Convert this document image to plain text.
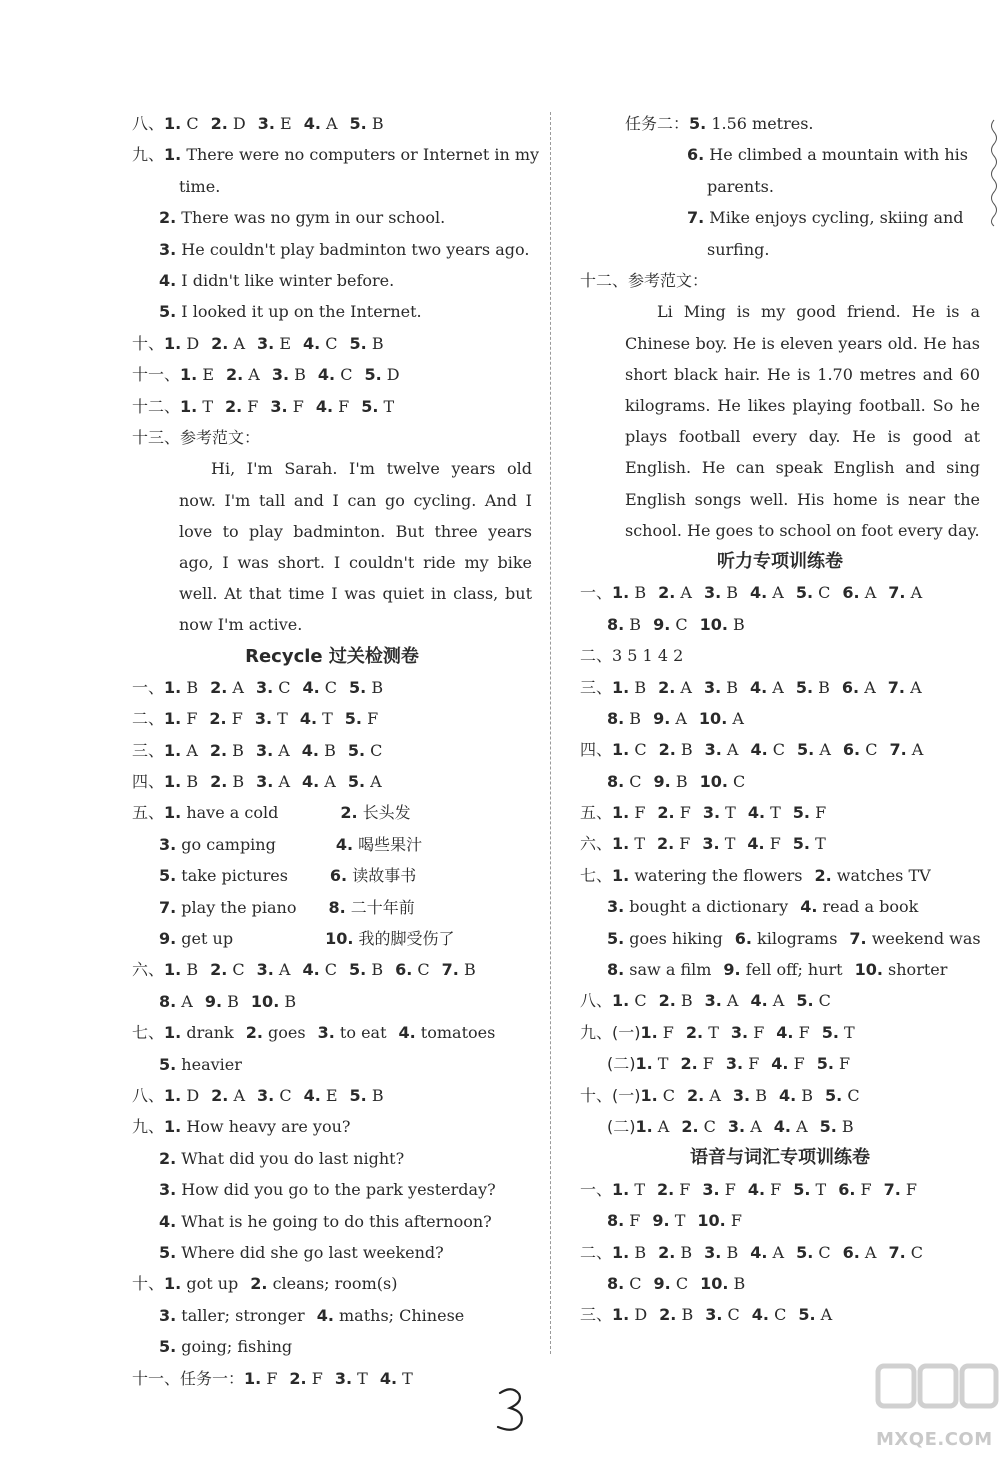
八、1. C 2. D 3. E 4. A 5. B
九、1. There were no computers or Internet in my
time.
2. There was no gym in our school.
3. He couldn't play badminton two years ago.
4. I didn't like winter before.
5. I looked it up on the Internet.
十、1. D 2. A 3. E 4. C 5. B
十一、1. E 2. A 3. B 4. C 5. D
十二、1. T 2. F 3. F 4. F 5. T
十三、参考范文：

Hi, I'm Sarah. I'm twelve years old now. I'm tall and I can go cycling. And I love to play badminton. But three years ago, I was short. I couldn't ride my bike well. At that time I was quiet in class, but now I'm active.

Recycle 过关检测卷
一、1. B 2. A 3. C 4. C 5. B
二、1. F 2. F 3. T 4. T 5. F
三、1. A 2. B 3. A 4. B 5. C
四、1. B 2. B 3. A 4. A 5. A
五、1. have a cold	2. 长头发
3. go camping	4. 喝些果汁
5. take pictures	6. 读故事书
7. play the piano 8. 二十年前
9. get up	10. 我的脚受伤了
六、1. B 2. C 3. A 4. C 5. B 6. C 7. B
8. A 9. B 10. B
七、1. drank 2. goes 3. to eat 4. tomatoes
5. heavier
八、1. D 2. A 3. C 4. E 5. B
九、1. How heavy are you?
2. What did you do last night?
3. How did you go to the park yesterday?
4. What is he going to do this afternoon?
5. Where did she go last weekend?
十、1. got up 2. cleans; room(s)
3. taller; stronger 4. maths; Chinese
5. going; fishing
十一、任务一：1. F 2. F 3. T 4. T
任务二：5. 1.56 metres.
6. He climbed a mountain with his
parents.
7. Mike enjoys cycling, skiing and
surfing.
十二、参考范文：

Li Ming is my good friend. He is a Chinese boy. He is eleven years old. He has short black hair. He is 1.70 metres and 60 kilograms. He likes playing football. So he plays football every day. He is good at English. He can speak English and sing English songs well. His home is near the school. He goes to school on foot every day.

听力专项训练卷
一、1. B 2. A 3. B 4. A 5. C 6. A 7. A
8. B 9. C 10. B
二、3 5 1 4 2
三、1. B 2. A 3. B 4. A 5. B 6. A 7. A
8. B 9. A 10. A
四、1. C 2. B 3. A 4. C 5. A 6. C 7. A
8. C 9. B 10. C
五、1. F 2. F 3. T 4. T 5. F
六、1. T 2. F 3. T 4. F 5. T
七、1. watering the flowers 2. watches TV
3. bought a dictionary 4. read a book
5. goes hiking 6. kilograms 7. weekend was
8. saw a film 9. fell off; hurt 10. shorter
八、1. C 2. B 3. A 4. A 5. C
九、(一)1. F 2. T 3. F 4. F 5. T
(二)1. T 2. F 3. F 4. F 5. F
十、(一)1. C 2. A 3. B 4. B 5. C
(二)1. A 2. C 3. A 4. A 5. B
语音与词汇专项训练卷
一、1. T 2. F 3. F 4. F 5. T 6. F 7. F
8. F 9. T 10. F
二、1. B 2. B 3. B 4. A 5. C 6. A 7. C
8. C 9. C 10. B
三、1. D 2. B 3. C 4. C 5. A
MXQE.COM
